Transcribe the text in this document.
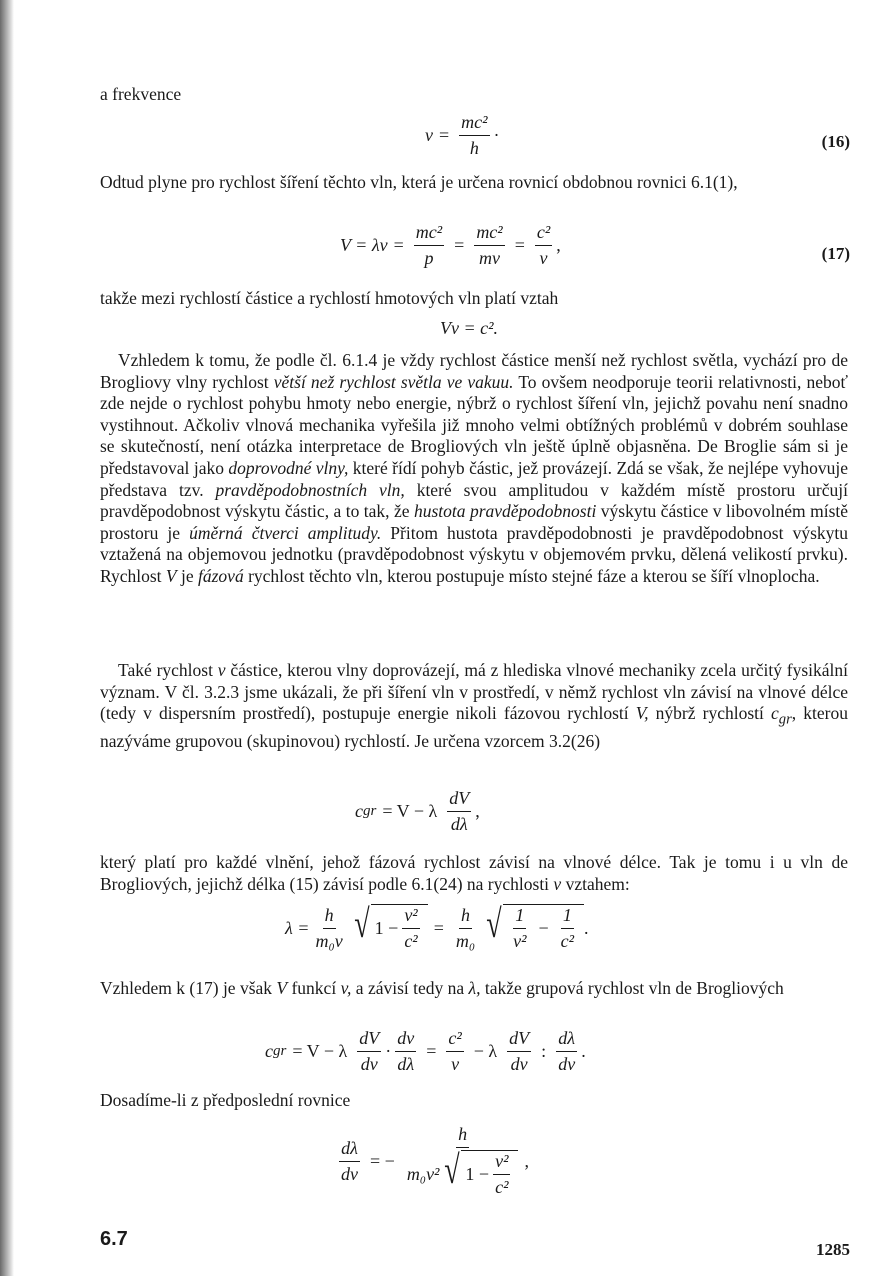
a frekvence
$\nu = \frac{\text{mc²}}{h}$ ·	(16)
Odtud plyne pro rychlost šíření těchto vln, která je určena rovnicí obdobnou rovnici 6.1(1),
$V = \lambda\nu = \frac{\text{mc²}}{p} = \frac{\text{mc²}}{mv} = \frac{\text{c²}}{v}$ ,	(17)
takže mezi rychlostí částice a rychlostí hmotových vln platí vztah
Vv = c².
Vzhledem k tomu, že podle čl. 6.1.4 je vždy rychlost částice menší než rychlost světla, vychází pro de Brogliovy vlny rychlost větší než rychlost světla ve vakuu. To ovšem neodporuje teorii relativnosti, neboť zde nejde o rychlost pohybu hmoty nebo energie, nýbrž o rychlost šíření vln, jejichž povahu není snadno vystihnout. Ačkoliv vlnová mechanika vyřešila již mnoho velmi obtížných problémů v dobrém souhlase se skutečností, není otázka interpretace de Brogliových vln ještě úplně objasněna. De Broglie sám si je představoval jako doprovodné vlny, které řídí pohyb částic, jež provázejí. Zdá se však, že nejlépe vyhovuje představa tzv. pravděpodobnostních vln, které svou amplitudou v každém místě prostoru určují pravděpodobnost výskytu částic, a to tak, že hustota pravděpodobnosti výskytu částice v libovolném místě prostoru je úměrná čtverci amplitudy. Přitom hustota pravděpodobnosti je pravděpodobnost výskytu vztažená na objemovou jednotku (pravděpodobnost výskytu v objemovém prvku, dělená velikostí prvku). Rychlost V je fázová rychlost těchto vln, kterou postupuje místo stejné fáze a kterou se šíří vlnoplocha.
Také rychlost v částice, kterou vlny doprovázejí, má z hlediska vlnové mechaniky zcela určitý fysikální význam. V čl. 3.2.3 jsme ukázali, že při šíření vln v prostředí, v němž rychlost vln závisí na vlnové délce (tedy v dispersním prostředí), postupuje energie nikoli fázovou rychlostí V, nýbrž rychlostí $c_{gr}$, kterou nazýváme grupovou (skupinovou) rychlostí. Je určena vzorcem 3.2(26)
c gr = V − λ $\frac{dV}{d\lambda}$ ,
který platí pro každé vlnění, jehož fázová rychlost závisí na vlnové délce. Tak je tomu i u vln de Brogliových, jejichž délka (15) závisí podle 6.1(24) na rychlosti v vztahem:
$\lambda = \frac{h}{\text{m₀v}}$ √ $1 - \frac{\text{v²}}{\text{c²}} = \frac{h}{\text{m₀}}$ √ $\frac{1}{\text{v²}} - \frac{1}{\text{c²}}$ .
Vzhledem k (17) je však V funkcí v, a závisí tedy na λ, takže grupová rychlost vln de Brogliových
c gr = V − λ $\frac{dV}{dv} \cdot \frac{dv}{d\lambda} = \frac{\text{c²}}{v} - \lambda \frac{dV}{dv}$ : $\frac{d\lambda}{dv}$ .
Dosadíme-li z předposlední rovnice
$\frac{d\lambda}{dv}$ = − $\frac{h}{m_0v^2 √ 1 - \frac{\text{v²}}{\text{c²}}}$ ,
6.7	1285
